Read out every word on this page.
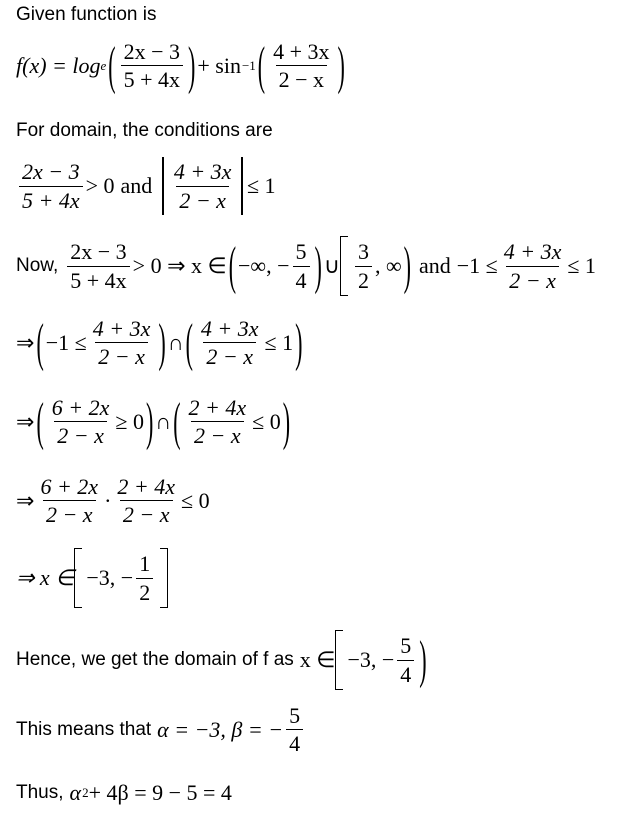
Given function is
f(x) = log e ( $\frac{2x - 3}{5 + 4x}$ ) + sin −1 ( $\frac{4 + 3x}{2 - x}$ )
For domain, the conditions are
$\frac{2x - 3}{5 + 4x} > 0$ and $\frac{4 + 3x}{2 - x} \le 1$
Now, $\frac{2x - 3}{5 + 4x} > 0$ ⇒ x ∈ ( −∞, − $\frac{5}{4}$ ) ∪ $\frac{3}{2}$ , ∞ ) and $-1 \le \frac{4 + 3x}{2 - x} \le 1$
⇒ ( $-1 \le \frac{4 + 3x}{2 - x}$ ) ∩ ( $\frac{4 + 3x}{2 - x} \le 1$ )
⇒ ( $\frac{6 + 2x}{2 - x} \ge 0$ ) ∩ ( $\frac{2 + 4x}{2 - x} \le 0$ )
⇒ $\frac{6 + 2x}{2 - x} \cdot \frac{2 + 4x}{2 - x} \le 0$
⇒ x ∈ −3, − $\frac{1}{2}$
Hence, we get the domain of f as x ∈ −3, − $\frac{5}{4}$ )
This means that α = −3, β = − $\frac{5}{4}$
Thus, α 2 + 4β = 9 − 5 = 4
